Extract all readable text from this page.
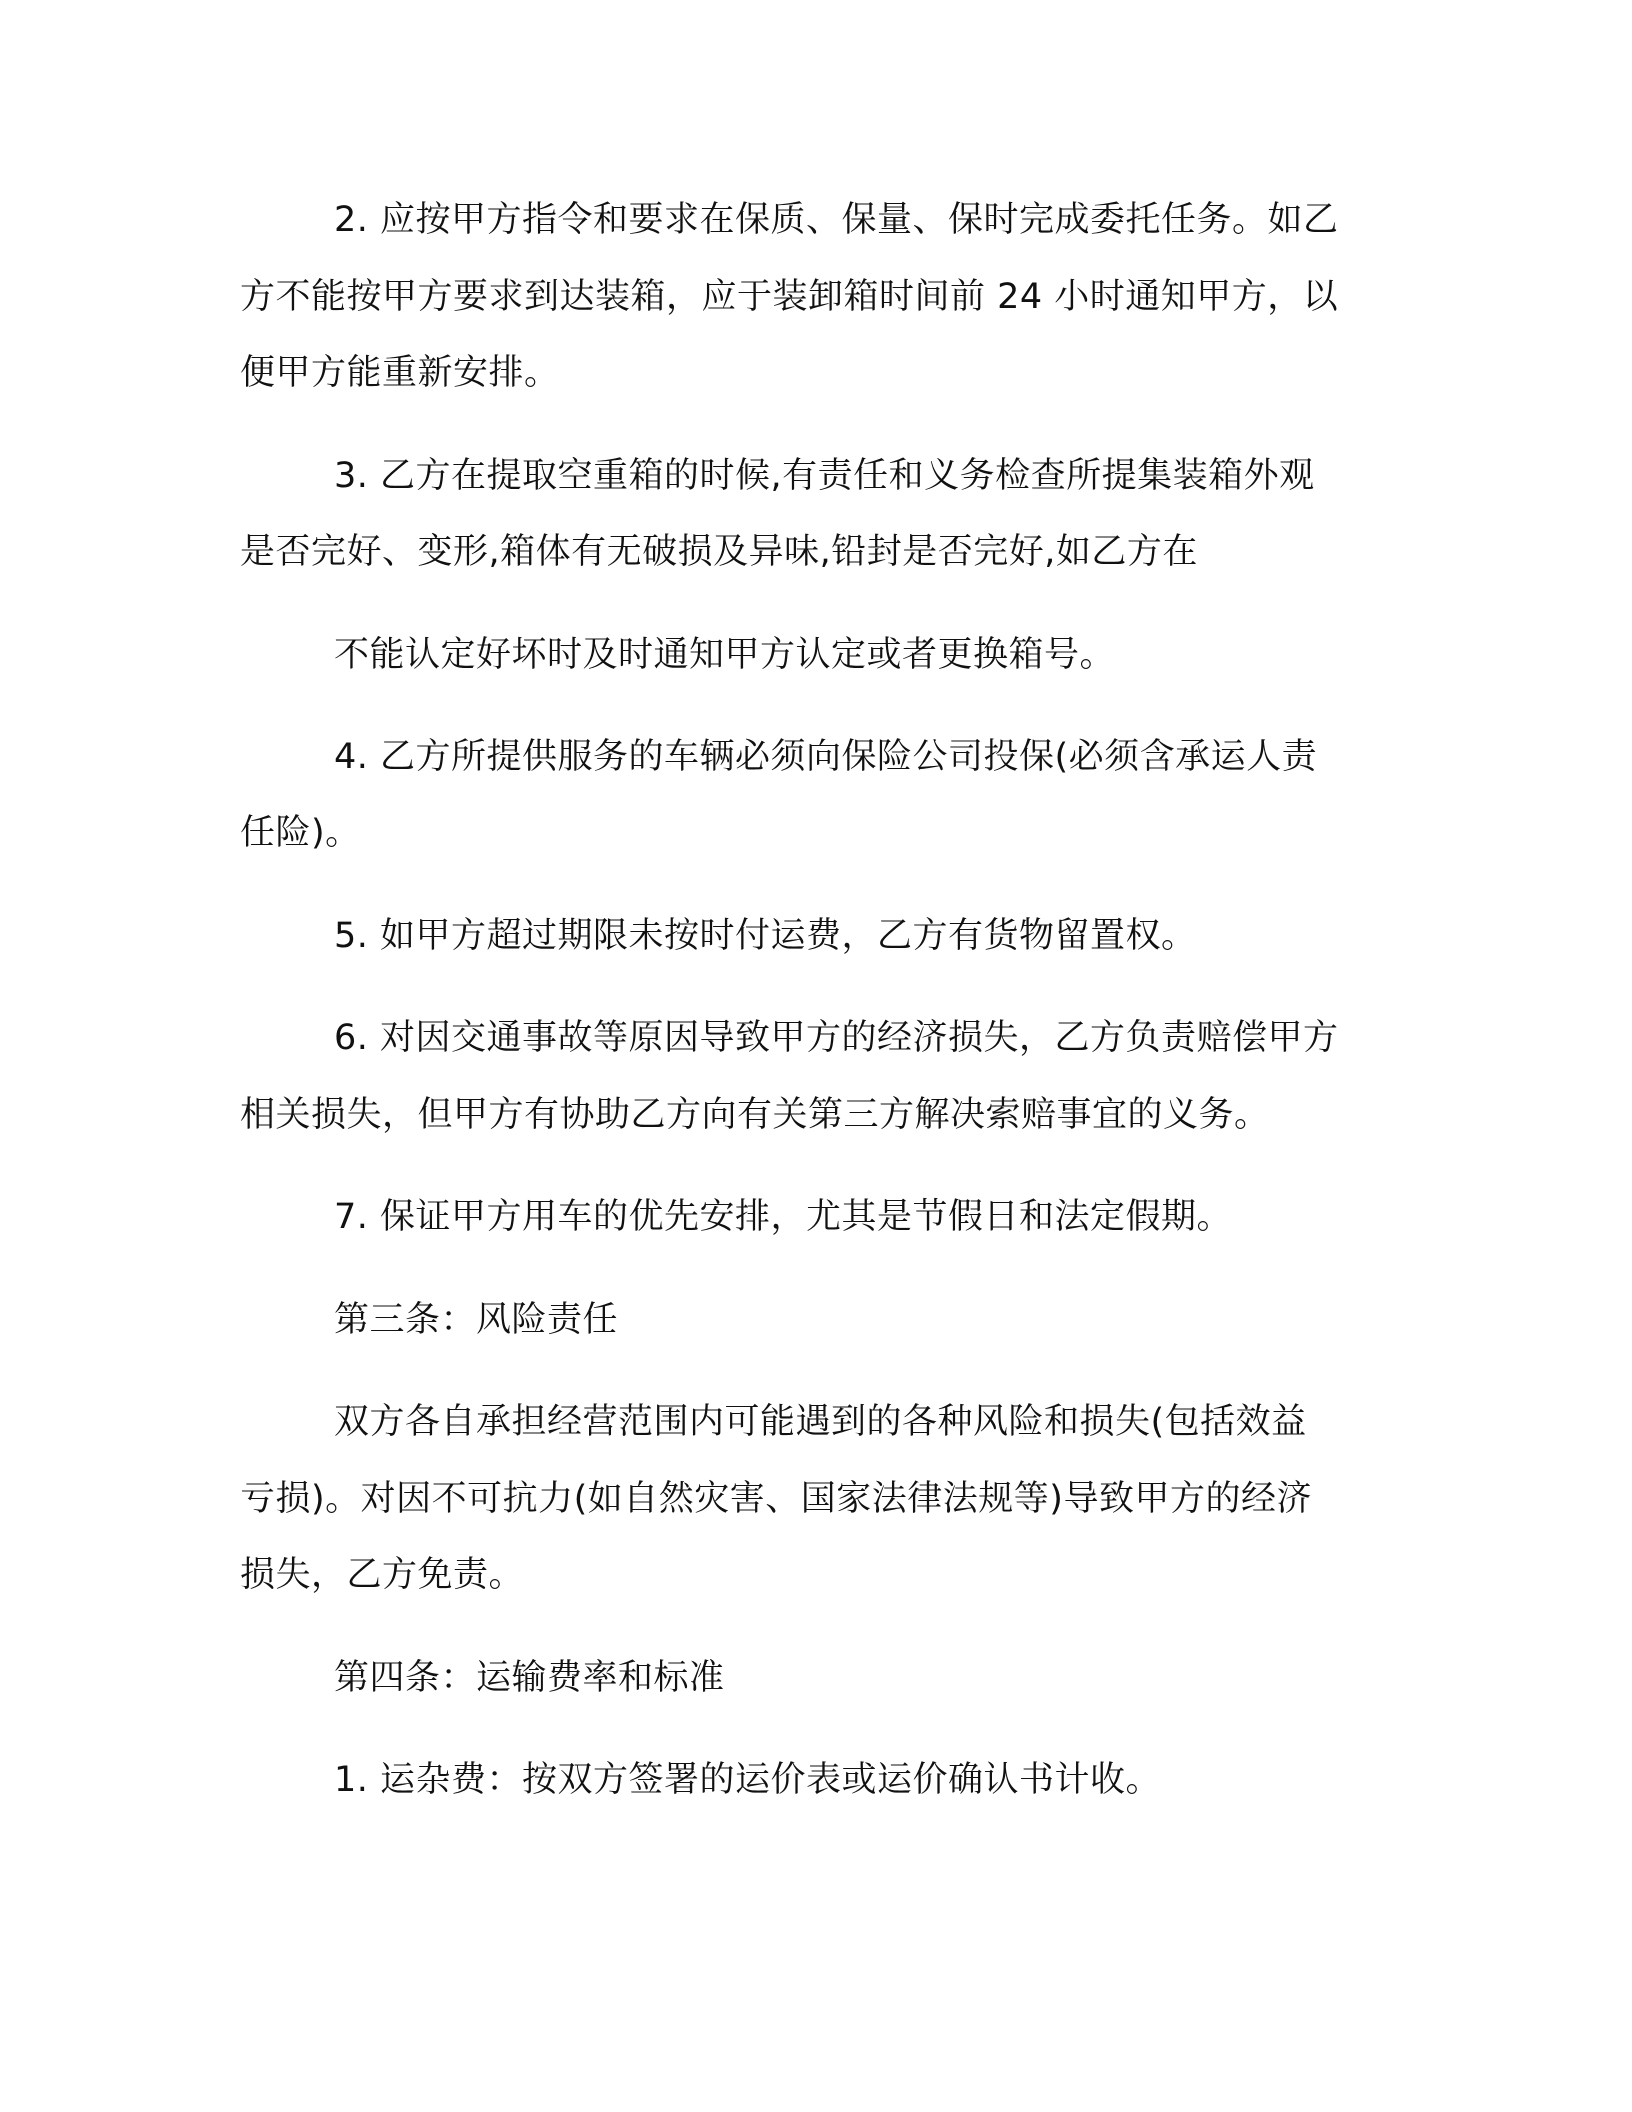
2. 应按甲方指令和要求在保质、保量、保时完成委托任务。如乙
方不能按甲方要求到达装箱，应于装卸箱时间前 24 小时通知甲方，以
便甲方能重新安排。
3. 乙方在提取空重箱的时候,有责任和义务检查所提集装箱外观
是否完好、变形,箱体有无破损及异味,铅封是否完好,如乙方在
不能认定好坏时及时通知甲方认定或者更换箱号。
4. 乙方所提供服务的车辆必须向保险公司投保(必须含承运人责
任险)。
5. 如甲方超过期限未按时付运费，乙方有货物留置权。
6. 对因交通事故等原因导致甲方的经济损失，乙方负责赔偿甲方
相关损失，但甲方有协助乙方向有关第三方解决索赔事宜的义务。
7. 保证甲方用车的优先安排，尤其是节假日和法定假期。
第三条：风险责任
双方各自承担经营范围内可能遇到的各种风险和损失(包括效益
亏损)。对因不可抗力(如自然灾害、国家法律法规等)导致甲方的经济
损失，乙方免责。
第四条：运输费率和标准
1. 运杂费：按双方签署的运价表或运价确认书计收。
